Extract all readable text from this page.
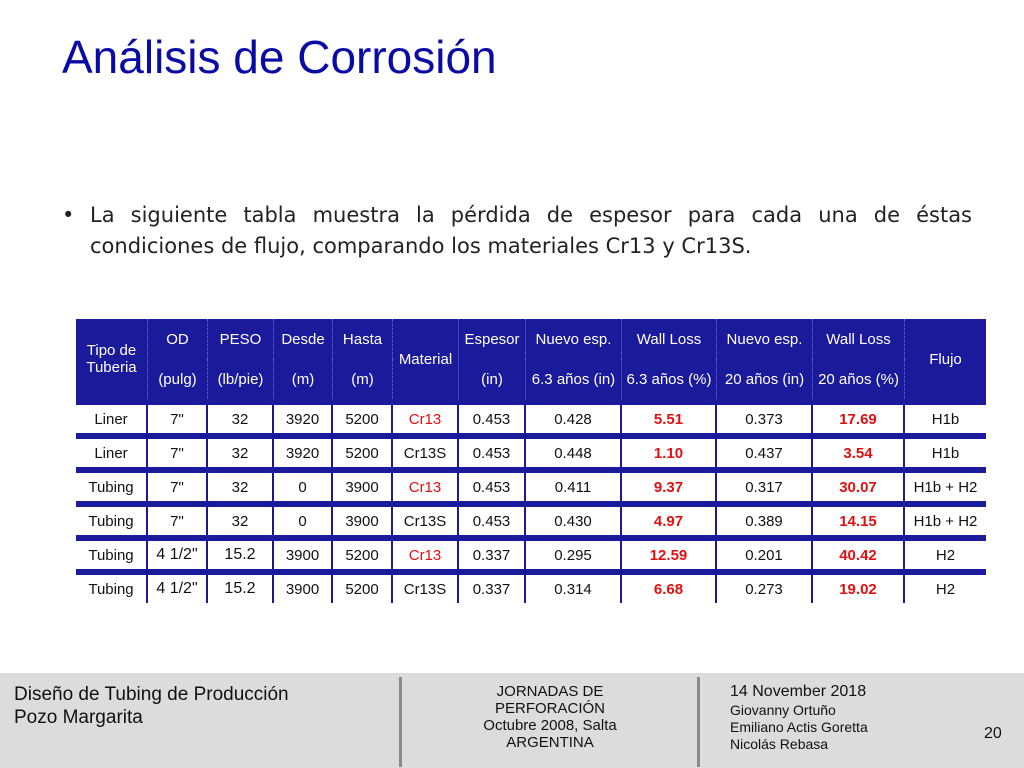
Análisis de Corrosión
• La siguiente tabla muestra la pérdida de espesor para cada una de éstas condiciones de flujo, comparando los materiales Cr13 y Cr13S.
Tipo de Tuberia	OD	PESO	Desde	Hasta	Material	Espesor	Nuevo esp.	Wall Loss	Nuevo esp.	Wall Loss	Flujo
	(pulg)	(lb/pie)	(m)	(m)		(in)	6.3 años (in)	6.3 años (%)	20 años (in)	20 años (%)	

Liner	7"	32	3920	5200	Cr13	0.453	0.428	5.51	0.373	17.69	H1b

Liner	7"	32	3920	5200	Cr13S	0.453	0.448	1.10	0.437	3.54	H1b

Tubing	7"	32	0	3900	Cr13	0.453	0.411	9.37	0.317	30.07	H1b + H2

Tubing	7"	32	0	3900	Cr13S	0.453	0.430	4.97	0.389	14.15	H1b + H2

Tubing	4 1/2"	15.2	3900	5200	Cr13	0.337	0.295	12.59	0.201	40.42	H2

Tubing	4 1/2"	15.2	3900	5200	Cr13S	0.337	0.314	6.68	0.273	19.02	H2
Diseño de Tubing de Producción
Pozo Margarita
JORNADAS DE
PERFORACIÓN
Octubre 2008, Salta
ARGENTINA
14 November 2018
Giovanny Ortuño
Emiliano Actis Goretta
Nicolás Rebasa
20
